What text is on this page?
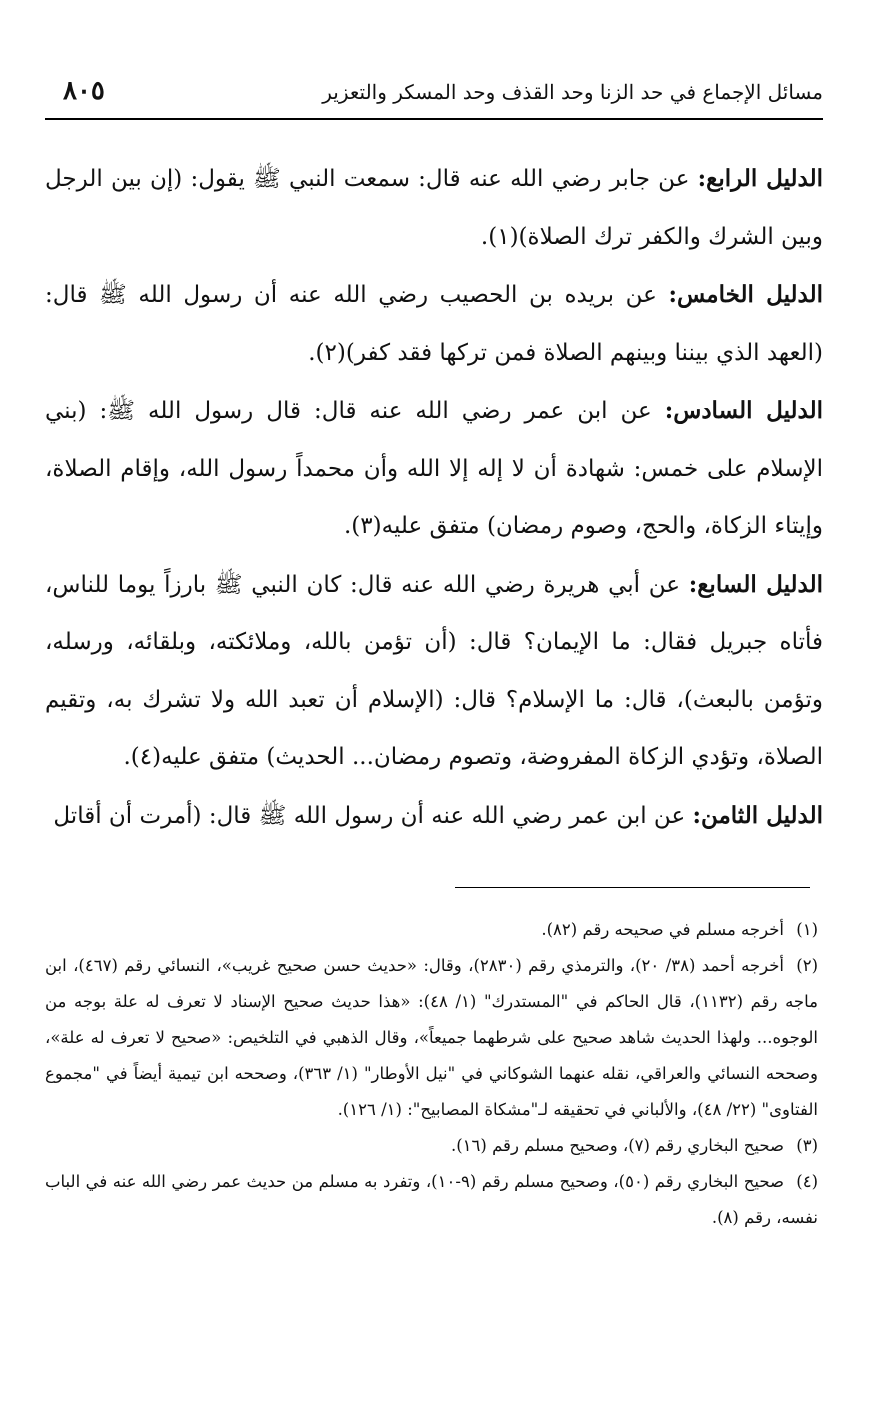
مسائل الإجماع في حد الزنا وحد القذف وحد المسكر والتعزير
٨٠٥

الدليل الرابع: عن جابر رضي الله عنه قال: سمعت النبي ﷺ يقول: (إن بين الرجل وبين الشرك والكفر ترك الصلاة)(١).

الدليل الخامس: عن بريده بن الحصيب رضي الله عنه أن رسول الله ﷺ قال: (العهد الذي بيننا وبينهم الصلاة فمن تركها فقد كفر)(٢).

الدليل السادس: عن ابن عمر رضي الله عنه قال: قال رسول الله ﷺ: (بني الإسلام على خمس: شهادة أن لا إله إلا الله وأن محمداً رسول الله، وإقام الصلاة، وإيتاء الزكاة، والحج، وصوم رمضان) متفق عليه(٣).

الدليل السابع: عن أبي هريرة رضي الله عنه قال: كان النبي ﷺ بارزاً يوما للناس، فأتاه جبريل فقال: ما الإيمان؟ قال: (أن تؤمن بالله، وملائكته، وبلقائه، ورسله، وتؤمن بالبعث)، قال: ما الإسلام؟ قال: (الإسلام أن تعبد الله ولا تشرك به، وتقيم الصلاة، وتؤدي الزكاة المفروضة، وتصوم رمضان... الحديث) متفق عليه(٤).

الدليل الثامن: عن ابن عمر رضي الله عنه أن رسول الله ﷺ قال: (أمرت أن أقاتل

(١)أخرجه مسلم في صحيحه رقم (٨٢).

(٢)أخرجه أحمد (٣٨/ ٢٠)، والترمذي رقم (٢٨٣٠)، وقال: «حديث حسن صحيح غريب»، النسائي رقم (٤٦٧)، ابن ماجه رقم (١١٣٢)، قال الحاكم في "المستدرك" (١/ ٤٨): «هذا حديث صحيح الإسناد لا تعرف له علة بوجه من الوجوه... ولهذا الحديث شاهد صحيح على شرطهما جميعاً»، وقال الذهبي في التلخيص: «صحيح لا تعرف له علة»، وصححه النسائي والعراقي، نقله عنهما الشوكاني في "نيل الأوطار" (١/ ٣٦٣)، وصححه ابن تيمية أيضاً في "مجموع الفتاوى" (٢٢/ ٤٨)، والألباني في تحقيقه لـ"مشكاة المصابيح": (١/ ١٢٦).

(٣)صحيح البخاري رقم (٧)، وصحيح مسلم رقم (١٦).

(٤)صحيح البخاري رقم (٥٠)، وصحيح مسلم رقم (٩-١٠)، وتفرد به مسلم من حديث عمر رضي الله عنه في الباب نفسه، رقم (٨).
